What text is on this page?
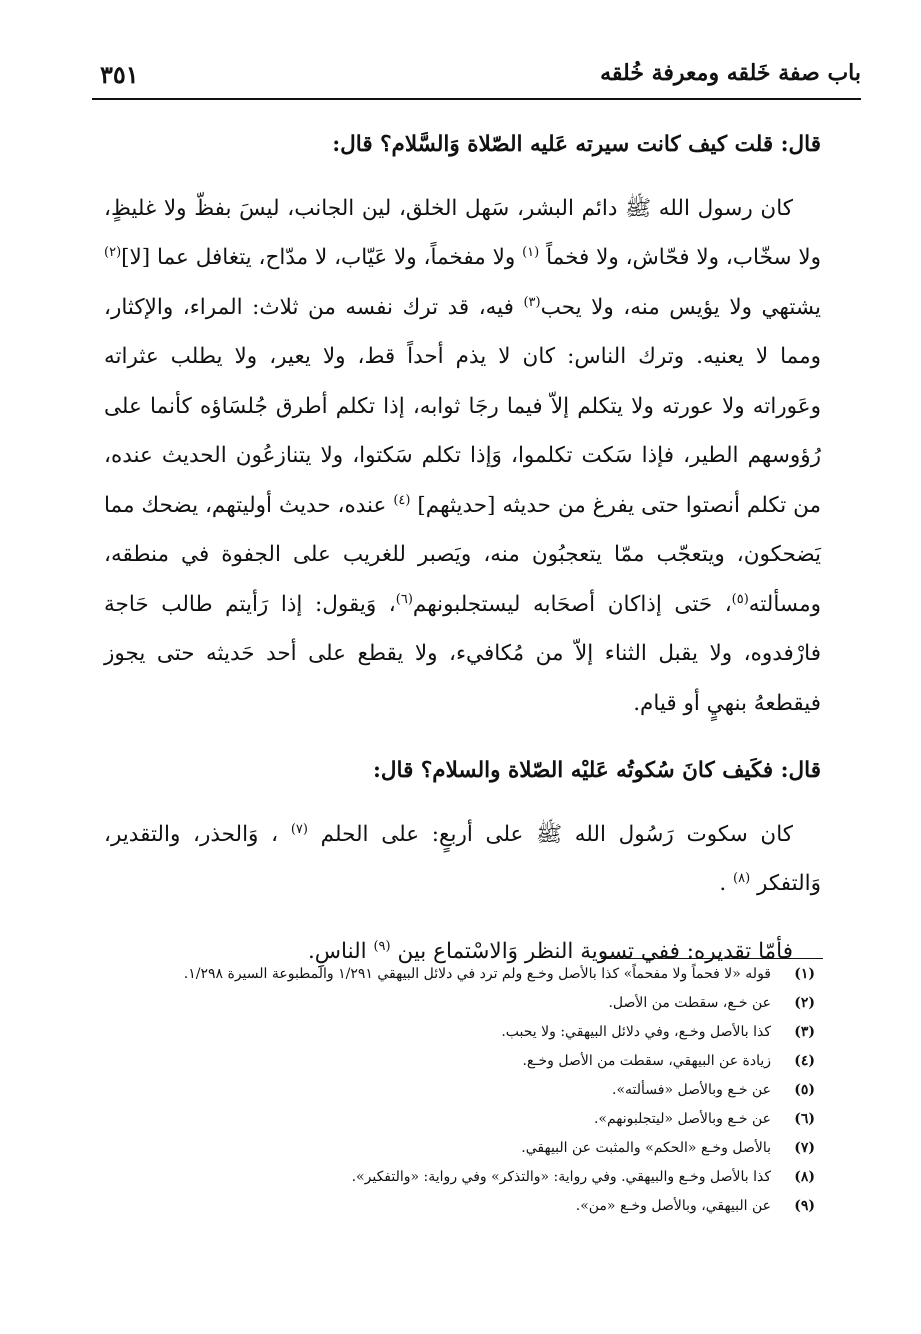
باب صفة خَلقه ومعرفة خُلقه
٣٥١

قال: قلت كيف كانت سيرته عَليه الصّلاة وَالسَّلام؟ قال:

كان رسول الله ﷺ دائم البشر، سَهل الخلق، لين الجانب، ليسَ بفظّ ولا غليظٍ، ولا سخّاب، ولا فحّاش، ولا فخماً $^{(١)}$ ولا مفخماً، ولا عَيّاب، لا مدّاح، يتغافل عما [لا]$^{(٢)}$ يشتهي ولا يؤيس منه، ولا يحب$^{(٣)}$ فيه، قد ترك نفسه من ثلاث: المراء، والإكثار، ومما لا يعنيه. وترك الناس: كان لا يذم أحداً قط، ولا يعير، ولا يطلب عثراته وعَوراته ولا عورته ولا يتكلم إلاّ فيما رجَا ثوابه، إذا تكلم أطرق جُلسَاؤه كأنما على رُؤوسهم الطير، فإذا سَكت تكلموا، وَإذا تكلم سَكتوا، ولا يتنازعُون الحديث عنده، من تكلم أنصتوا حتى يفرغ من حديثه [حديثهم] $^{(٤)}$ عنده، حديث أوليتهم، يضحك مما يَضحكون، ويتعجّب ممّا يتعجبُون منه، ويَصبر للغريب على الجفوة في منطقه، ومسألته$^{(٥)}$، حَتى إذاكان أصحَابه ليستجلبونهم$^{(٦)}$، وَيقول: إذا رَأيتم طالب حَاجة فارْفدوه، ولا يقبل الثناء إلاّ من مُكافيء، ولا يقطع على أحد حَديثه حتى يجوز فيقطعهُ بنهيٍ أو قيام.

قال: فكَيف كانَ سُكوتُه عَليْه الصّلاة والسلام؟ قال:

كان سكوت رَسُول الله ﷺ على أربعٍ: على الحلم $^{(٧)}$ ، وَالحذر، والتقدير، وَالتفكر $^{(٨)}$ .

فأمّا تقديره: ففي تسوية النظر وَالاسْتماع بين $^{(٩)}$ الناسِ.

(١)
قوله «لا فحماً ولا مفحماً» كذا بالأصل وخـع ولم ترد في دلائل البيهقي ١/٢٩١ والمطبوعة السيرة ١/٢٩٨.
(٢)
عن خـع، سقطت من الأصل.
(٣)
كذا بالأصل وخـع، وفي دلائل البيهقي: ولا يحبب.
(٤)
زيادة عن البيهقي، سقطت من الأصل وخـع.
(٥)
عن خـع وبالأصل «فسألته».
(٦)
عن خـع وبالأصل «ليتجلبونهم».
(٧)
بالأصل وخـع «الحكم» والمثبت عن البيهقي.
(٨)
كذا بالأصل وخـع والبيهقي. وفي رواية: «والتذكر» وفي رواية: «والتفكير».
(٩)
عن البيهقي، وبالأصل وخـع «من».
